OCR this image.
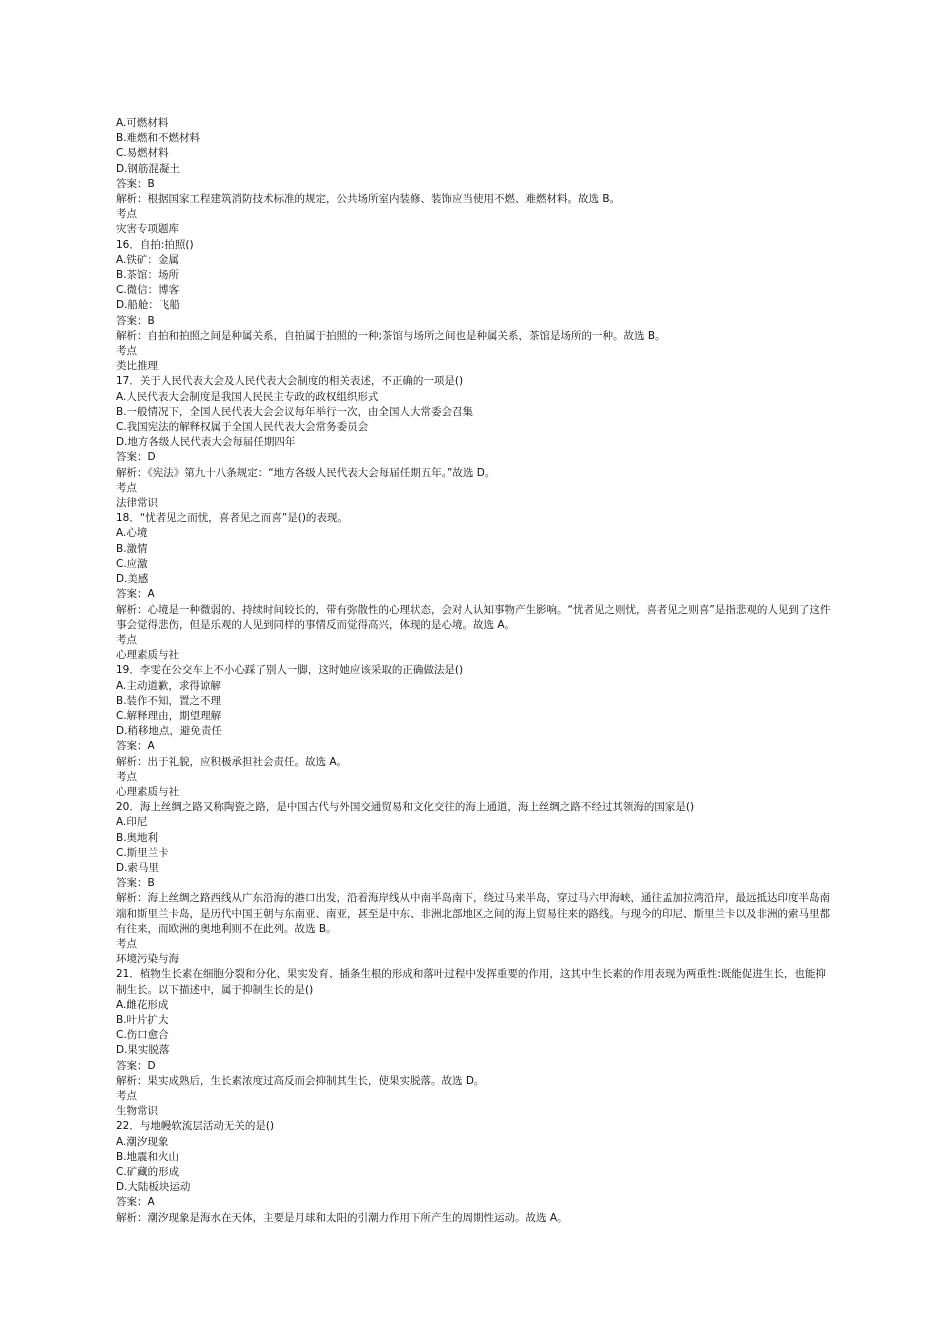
A.可燃材料
B.难燃和不燃材料
C.易燃材料
D.钢筋混凝土
答案：B
解析：根据国家工程建筑消防技术标准的规定，公共场所室内装修、装饰应当使用不燃、难燃材料。故选 B。
考点
灾害专项题库
16．自拍:拍照()
A.铁矿：金属
B.茶馆：场所
C.微信：博客
D.船舱：飞船
答案：B
解析：自拍和拍照之间是种属关系，自拍属于拍照的一种;茶馆与场所之间也是种属关系，茶馆是场所的一种。故选 B。
考点
类比推理
17．关于人民代表大会及人民代表大会制度的相关表述，不正确的一项是()
A.人民代表大会制度是我国人民民主专政的政权组织形式
B.一般情况下，全国人民代表大会会议每年举行一次，由全国人大常委会召集
C.我国宪法的解释权属于全国人民代表大会常务委员会
D.地方各级人民代表大会每届任期四年
答案：D
解析：《宪法》第九十八条规定：“地方各级人民代表大会每届任期五年。”故选 D。
考点
法律常识
18．“忧者见之而忧，喜者见之而喜”是()的表现。
A.心境
B.激情
C.应激
D.美感
答案：A
解析：心境是一种微弱的、持续时间较长的，带有弥散性的心理状态，会对人认知事物产生影响。“忧者见之则忧，喜者见之则喜”是指悲观的人见到了这件事会觉得悲伤，但是乐观的人见到同样的事情反而觉得高兴，体现的是心境。故选 A。
考点
心理素质与社
19．李雯在公交车上不小心踩了别人一脚，这时她应该采取的正确做法是()
A.主动道歉，求得谅解
B.装作不知，置之不理
C.解释理由，期望理解
D.稍移地点，避免责任
答案：A
解析：出于礼貌，应积极承担社会责任。故选 A。
考点
心理素质与社
20．海上丝绸之路又称陶瓷之路，是中国古代与外国交通贸易和文化交往的海上通道，海上丝绸之路不经过其领海的国家是()
A.印尼
B.奥地利
C.斯里兰卡
D.索马里
答案：B
解析：海上丝绸之路西线从广东沿海的港口出发，沿着海岸线从中南半岛南下，绕过马来半岛，穿过马六甲海峡，通往孟加拉湾沿岸，最远抵达印度半岛南端和斯里兰卡岛，是历代中国王朝与东南亚、南亚，甚至是中东、非洲北部地区之间的海上贸易往来的路线。与现今的印尼、斯里兰卡以及非洲的索马里都有往来，而欧洲的奥地利则不在此列。故选 B。
考点
环境污染与海
21．植物生长素在细胞分裂和分化、果实发育、插条生根的形成和落叶过程中发挥重要的作用，这其中生长素的作用表现为两重性:既能促进生长，也能抑制生长。以下描述中，属于抑制生长的是()
A.雌花形成
B.叶片扩大
C.伤口愈合
D.果实脱落
答案：D
解析：果实成熟后，生长素浓度过高反而会抑制其生长，使果实脱落。故选 D。
考点
生物常识
22．与地幔软流层活动无关的是()
A.潮汐现象
B.地震和火山
C.矿藏的形成
D.大陆板块运动
答案：A
解析：潮汐现象是海水在天体，主要是月球和太阳的引潮力作用下所产生的周期性运动。故选 A。
